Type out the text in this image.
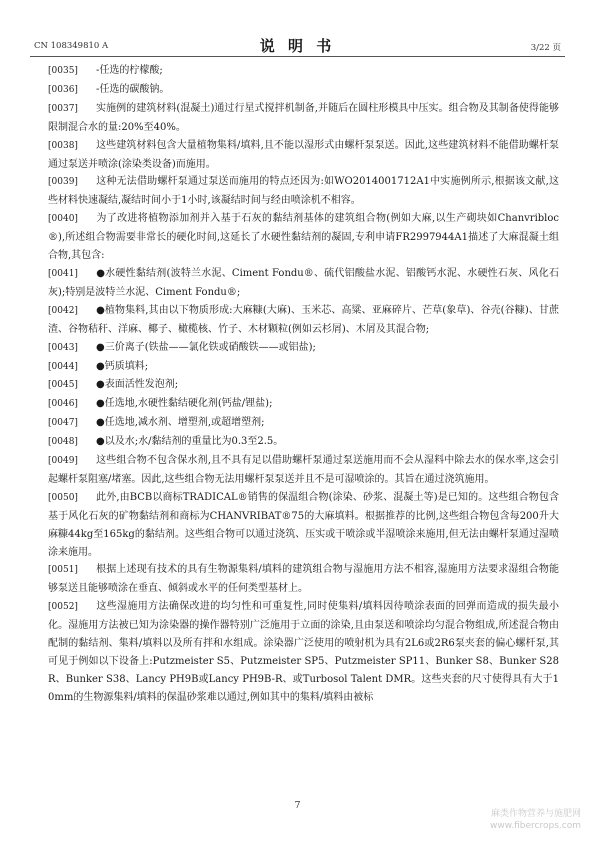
CN 108349810 A	说 明 书	3/22 页

[0035] -任选的柠檬酸;

[0036] -任选的碳酸钠。

[0037] 实施例的建筑材料(混凝土)通过行星式搅拌机制备,并随后在圆柱形模具中压实。组合物及其制备使得能够限制混合水的量:20%至40%。

[0038] 这些建筑材料包含大量植物集料/填料,且不能以湿形式由螺杆泵泵送。因此,这些建筑材料不能借助螺杆泵通过泵送并喷涂(涂染类设备)而施用。

[0039] 这种无法借助螺杆泵通过泵送而施用的特点还因为:如WO2014001712A1中实施例所示,根据该文献,这些材料快速凝结,凝结时间小于1小时,该凝结时间与经由喷涂机不相容。

[0040] 为了改进将植物添加剂并入基于石灰的黏结剂基体的建筑组合物(例如大麻,以生产砌块如Chanvribloc®),所述组合物需要非常长的硬化时间,这延长了水硬性黏结剂的凝固,专利申请FR2997944A1描述了大麻混凝土组合物,其包含:

[0041] ●水硬性黏结剂(波特兰水泥、Ciment Fondu®、硫代铝酸盐水泥、铝酸钙水泥、水硬性石灰、风化石灰);特别是波特兰水泥、Ciment Fondu®;

[0042] ●植物集料,其由以下物质形成:大麻糠(大麻)、玉米芯、高粱、亚麻碎片、芒草(象草)、谷壳(谷糠)、甘蔗渣、谷物秸秆、洋麻、椰子、橄榄核、竹子、木材颗粒(例如云杉屑)、木屑及其混合物;

[0043] ●三价离子(铁盐——氯化铁或硝酸铁——或铝盐);

[0044] ●钙质填料;

[0045] ●表面活性发泡剂;

[0046] ●任选地,水硬性黏结硬化剂(钙盐/锂盐);

[0047] ●任选地,减水剂、增塑剂,或超增塑剂;

[0048] ●以及水;水/黏结剂的重量比为0.3至2.5。

[0049] 这些组合物不包含保水剂,且不具有足以借助螺杆泵通过泵送施用而不会从湿料中除去水的保水率,这会引起螺杆泵阻塞/堵塞。因此,这些组合物无法用螺杆泵泵送并且不是可湿喷涂的。其旨在通过浇筑施用。

[0050] 此外,由BCB以商标TRADICAL®销售的保温组合物(涂染、砂浆、混凝土等)是已知的。这些组合物包含基于风化石灰的矿物黏结剂和商标为CHANVRIBAT®75的大麻填料。根据推荐的比例,这些组合物包含每200升大麻糠44kg至165kg的黏结剂。这些组合物可以通过浇筑、压实或干喷涂或半湿喷涂来施用,但无法由螺杆泵通过湿喷涂来施用。

[0051] 根据上述现有技术的具有生物源集料/填料的建筑组合物与湿施用方法不相容,湿施用方法要求湿组合物能够泵送且能够喷涂在垂直、倾斜或水平的任何类型基材上。

[0052] 这些湿施用方法确保改进的均匀性和可重复性,同时使集料/填料因待喷涂表面的回弹而造成的损失最小化。湿施用方法被已知为涂染器的操作器特别广泛施用于立面的涂染,且由泵送和喷涂均匀混合物组成,所述混合物由配制的黏结剂、集料/填料以及所有拌和水组成。涂染器广泛使用的喷射机为具有2L6或2R6泵夹套的偏心螺杆泵,其可见于例如以下设备上:Putzmeister S5、Putzmeister SP5、Putzmeister SP11、Bunker S8、Bunker S28R、Bunker S38、Lancy PH9B或Lancy PH9B-R、或Turbosol Talent DMR。这些夹套的尺寸使得具有大于10mm的生物源集料/填料的保温砂浆难以通过,例如其中的集料/填料由被标

7
麻类作物营养与施肥网
www.fibercrops.com
